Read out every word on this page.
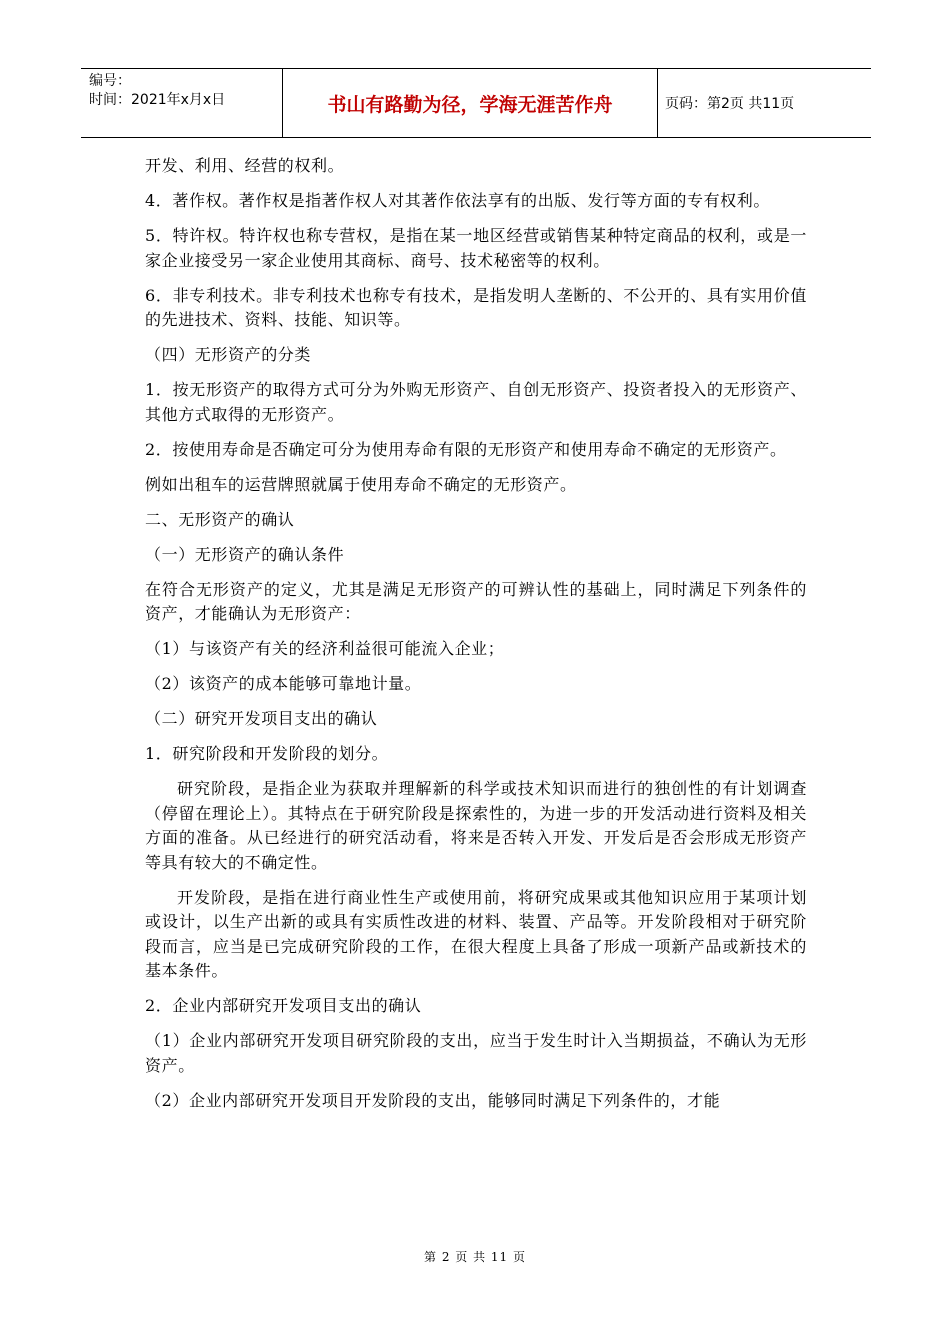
编号：
时间：2021年x月x日	书山有路勤为径，学海无涯苦作舟	页码：第2页 共11页

开发、利用、经营的权利。

4．著作权。著作权是指著作权人对其著作依法享有的出版、发行等方面的专有权利。

5．特许权。特许权也称专营权，是指在某一地区经营或销售某种特定商品的权利，或是一家企业接受另一家企业使用其商标、商号、技术秘密等的权利。

6．非专利技术。非专利技术也称专有技术，是指发明人垄断的、不公开的、具有实用价值的先进技术、资料、技能、知识等。

（四）无形资产的分类

1．按无形资产的取得方式可分为外购无形资产、自创无形资产、投资者投入的无形资产、其他方式取得的无形资产。

2．按使用寿命是否确定可分为使用寿命有限的无形资产和使用寿命不确定的无形资产。

例如出租车的运营牌照就属于使用寿命不确定的无形资产。

二、无形资产的确认

（一）无形资产的确认条件

在符合无形资产的定义，尤其是满足无形资产的可辨认性的基础上，同时满足下列条件的资产，才能确认为无形资产：

（1）与该资产有关的经济利益很可能流入企业；

（2）该资产的成本能够可靠地计量。

（二）研究开发项目支出的确认

1．研究阶段和开发阶段的划分。

研究阶段，是指企业为获取并理解新的科学或技术知识而进行的独创性的有计划调查（停留在理论上）。其特点在于研究阶段是探索性的，为进一步的开发活动进行资料及相关方面的准备。从已经进行的研究活动看，将来是否转入开发、开发后是否会形成无形资产等具有较大的不确定性。

开发阶段，是指在进行商业性生产或使用前，将研究成果或其他知识应用于某项计划或设计，以生产出新的或具有实质性改进的材料、装置、产品等。开发阶段相对于研究阶段而言，应当是已完成研究阶段的工作，在很大程度上具备了形成一项新产品或新技术的基本条件。

2．企业内部研究开发项目支出的确认

（1）企业内部研究开发项目研究阶段的支出，应当于发生时计入当期损益，不确认为无形资产。

（2）企业内部研究开发项目开发阶段的支出，能够同时满足下列条件的，才能

第 2 页 共 11 页
